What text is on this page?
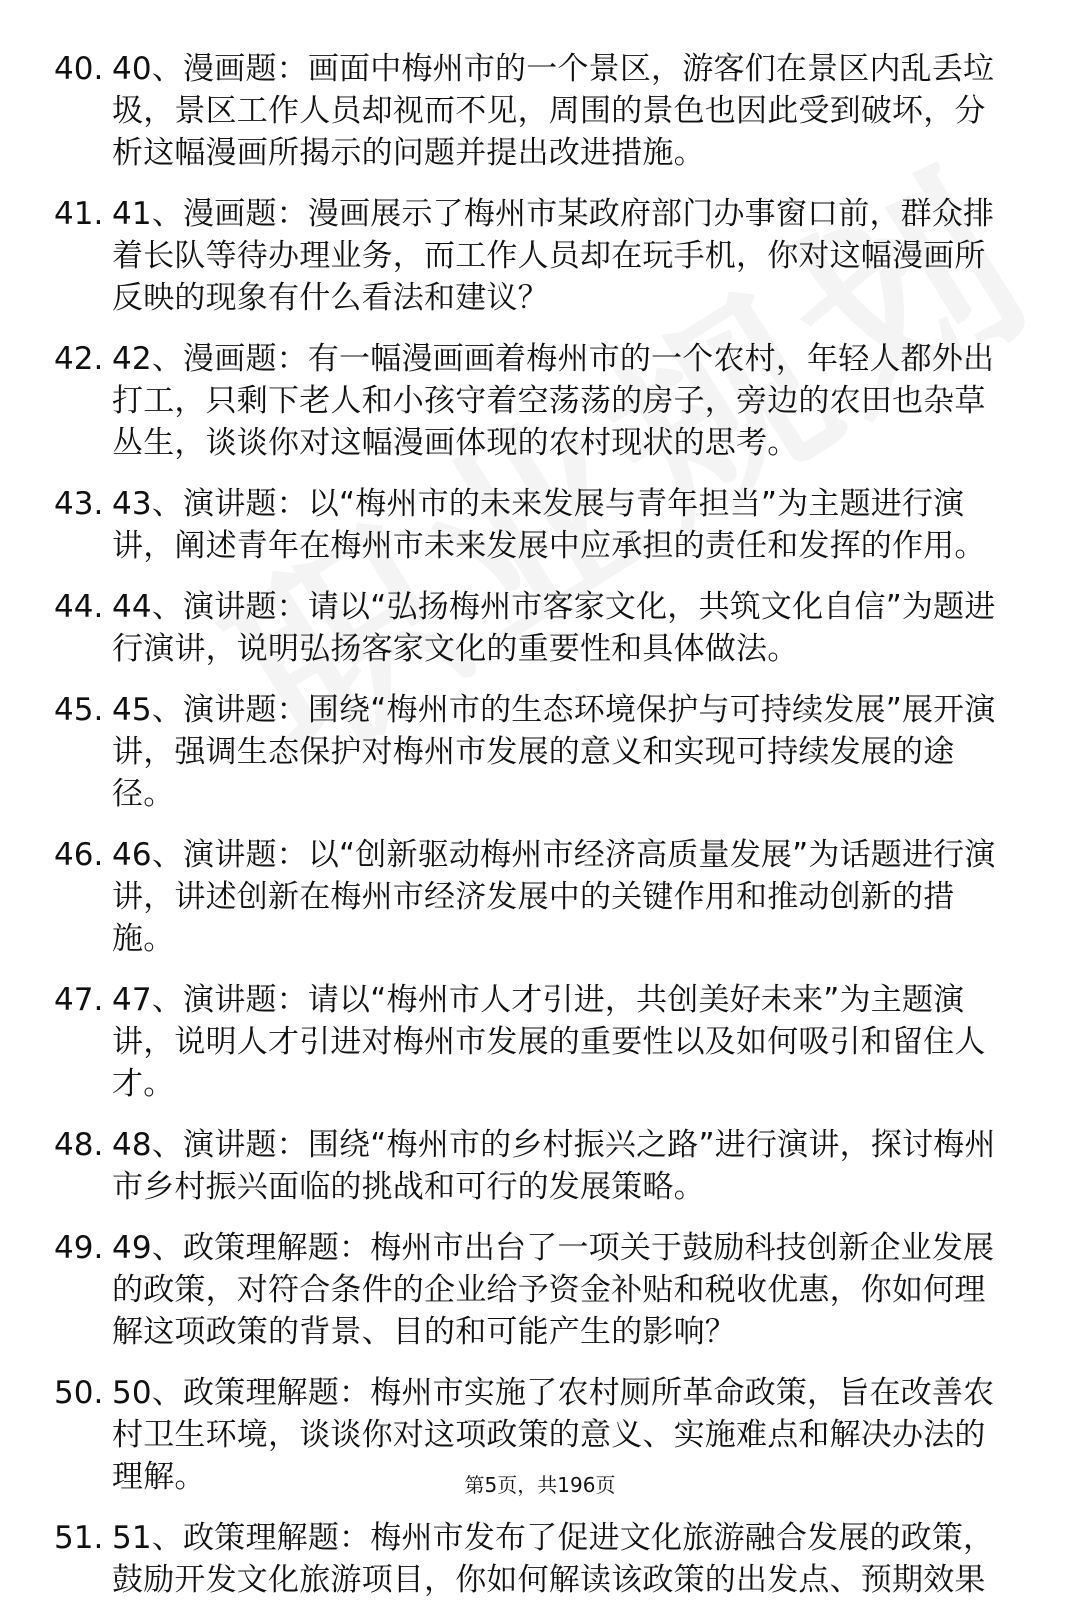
40. 40、漫画题：画面中梅州市的一个景区，游客们在景区内乱丢垃圾，景区工作人员却视而不见，周围的景色也因此受到破坏，分析这幅漫画所揭示的问题并提出改进措施。
41. 41、漫画题：漫画展示了梅州市某政府部门办事窗口前，群众排着长队等待办理业务，而工作人员却在玩手机，你对这幅漫画所反映的现象有什么看法和建议？
42. 42、漫画题：有一幅漫画画着梅州市的一个农村，年轻人都外出打工，只剩下老人和小孩守着空荡荡的房子，旁边的农田也杂草丛生，谈谈你对这幅漫画体现的农村现状的思考。
43. 43、演讲题：以“梅州市的未来发展与青年担当”为主题进行演讲，阐述青年在梅州市未来发展中应承担的责任和发挥的作用。
44. 44、演讲题：请以“弘扬梅州市客家文化，共筑文化自信”为题进行演讲，说明弘扬客家文化的重要性和具体做法。
45. 45、演讲题：围绕“梅州市的生态环境保护与可持续发展”展开演讲，强调生态保护对梅州市发展的意义和实现可持续发展的途径。
46. 46、演讲题：以“创新驱动梅州市经济高质量发展”为话题进行演讲，讲述创新在梅州市经济发展中的关键作用和推动创新的措施。
47. 47、演讲题：请以“梅州市人才引进，共创美好未来”为主题演讲，说明人才引进对梅州市发展的重要性以及如何吸引和留住人才。
48. 48、演讲题：围绕“梅州市的乡村振兴之路”进行演讲，探讨梅州市乡村振兴面临的挑战和可行的发展策略。
49. 49、政策理解题：梅州市出台了一项关于鼓励科技创新企业发展的政策，对符合条件的企业给予资金补贴和税收优惠，你如何理解这项政策的背景、目的和可能产生的影响？
50. 50、政策理解题：梅州市实施了农村厕所革命政策，旨在改善农村卫生环境，谈谈你对这项政策的意义、实施难点和解决办法的理解。
51. 51、政策理解题：梅州市发布了促进文化旅游融合发展的政策，鼓励开发文化旅游项目，你如何解读该政策的出发点、预期效果
第5页，共196页
